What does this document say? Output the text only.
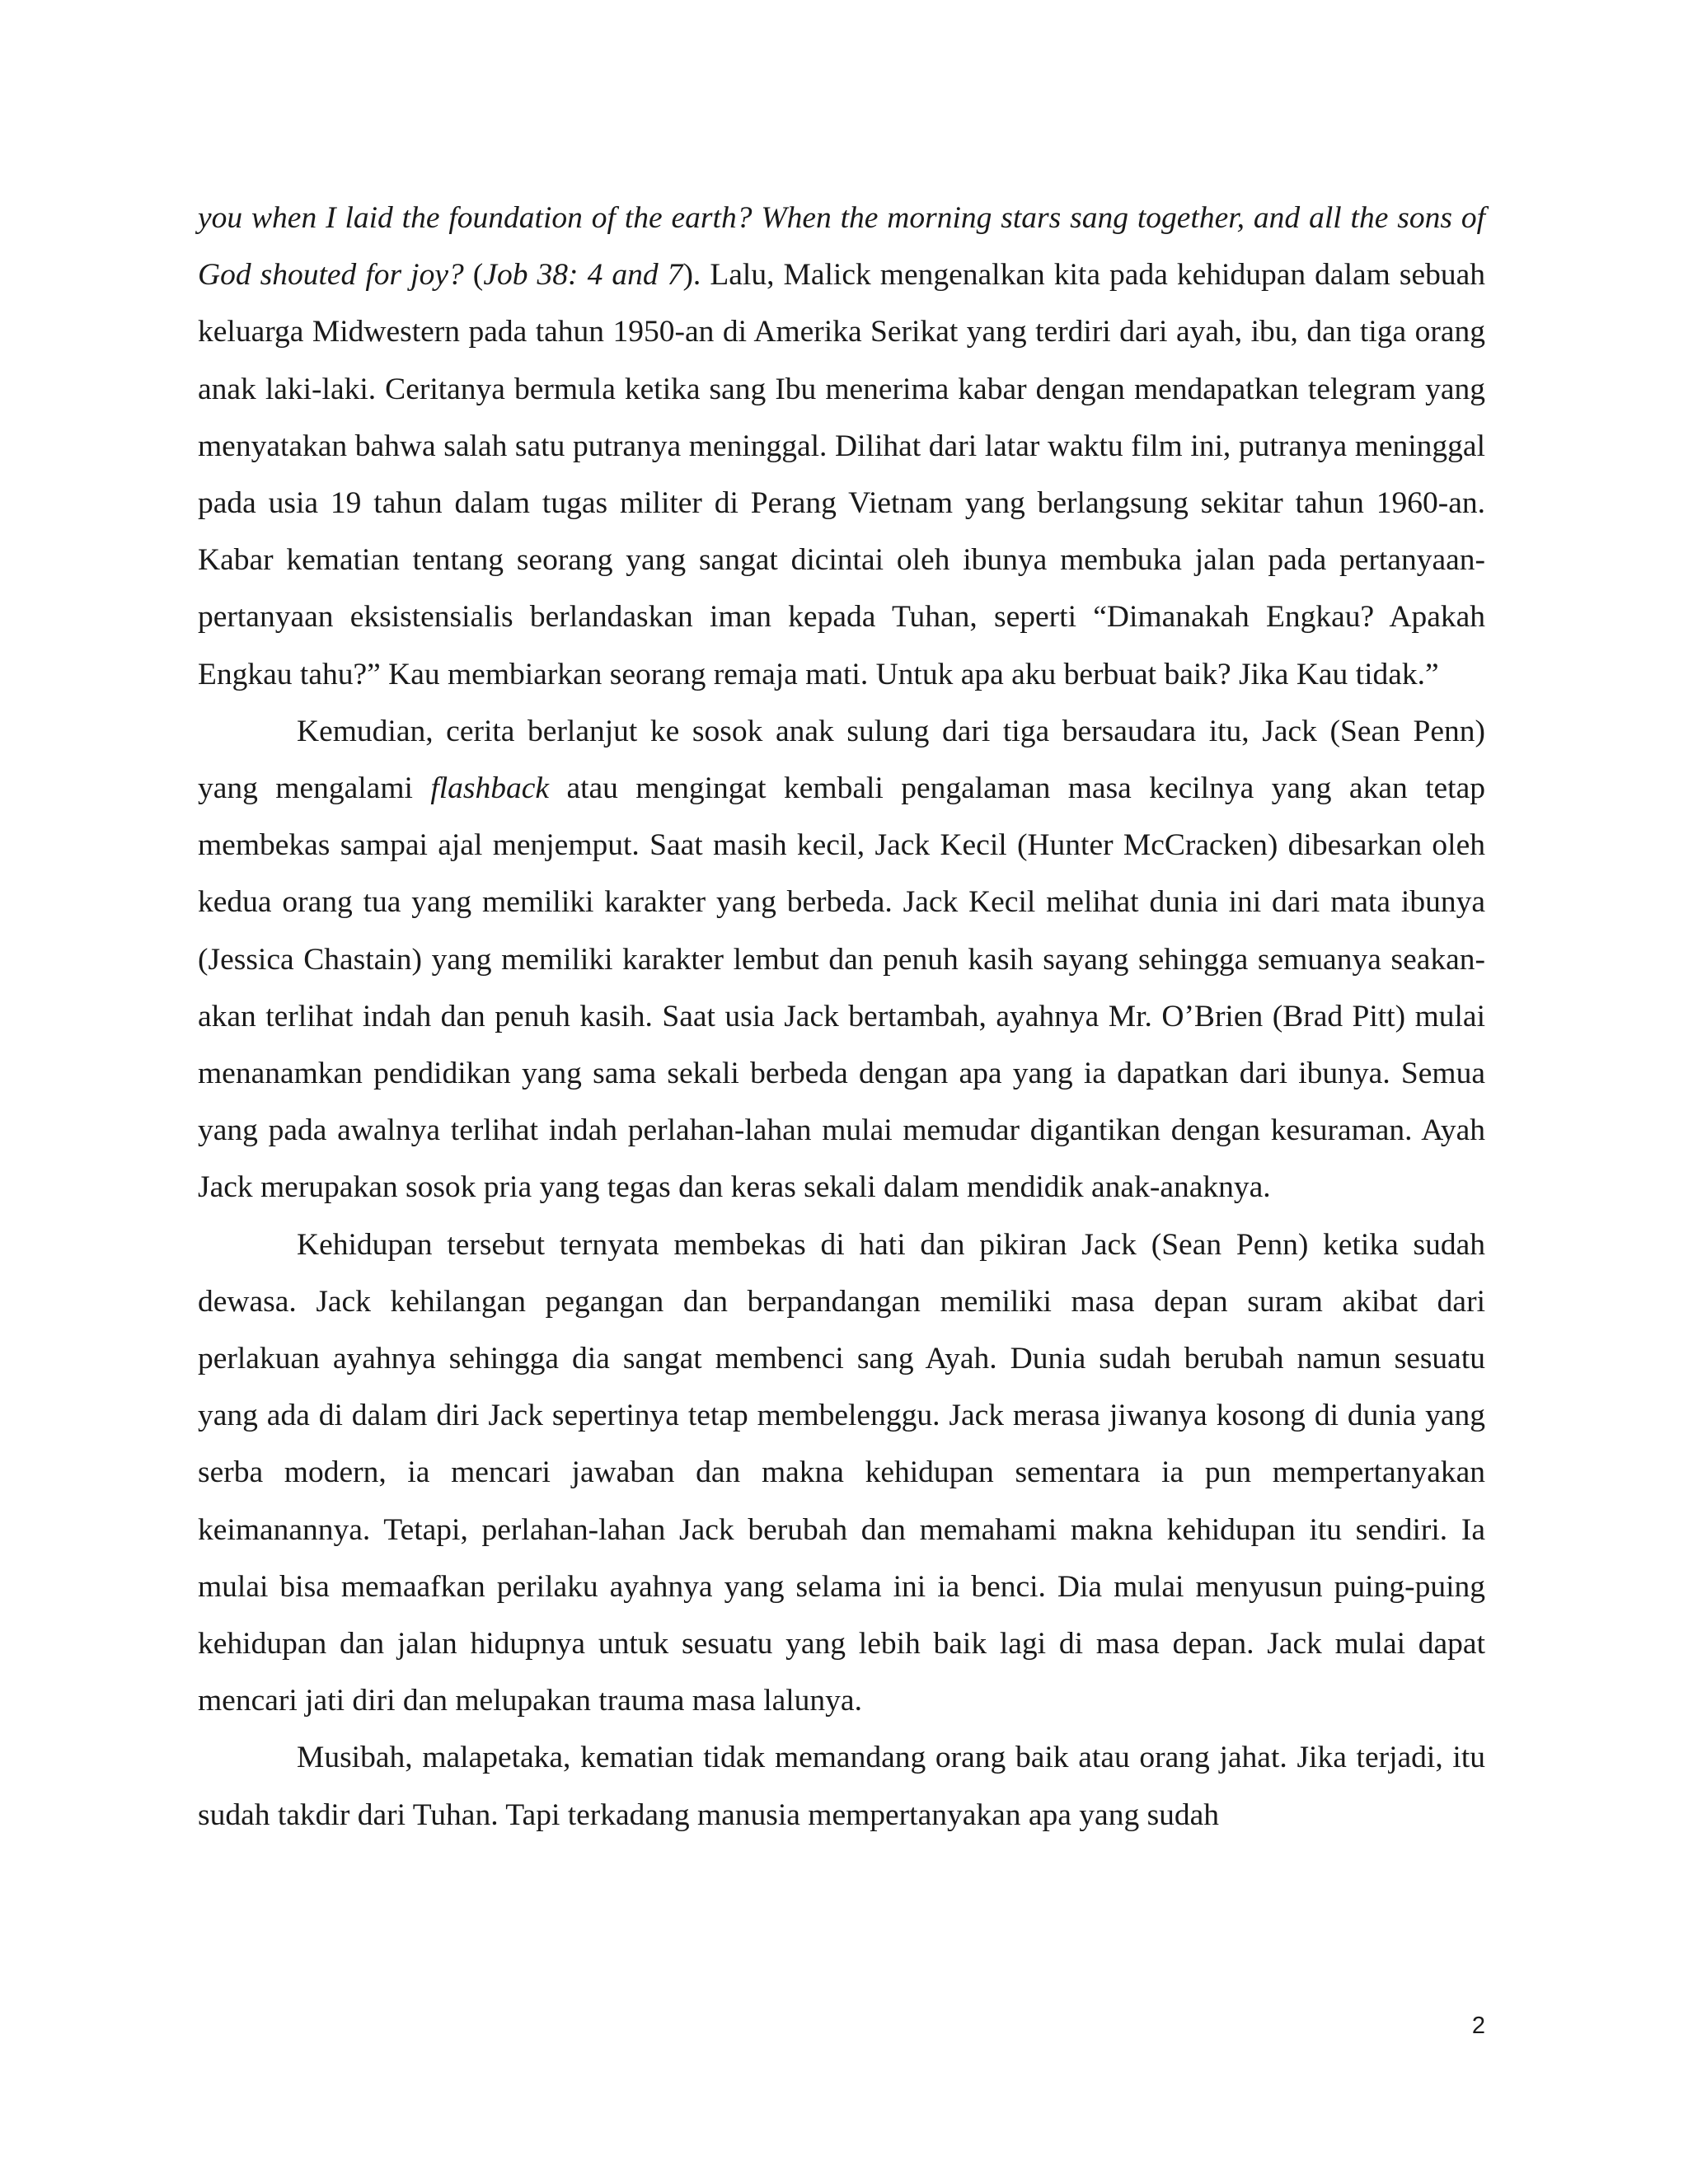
you when I laid the foundation of the earth? When the morning stars sang together, and all the sons of God shouted for joy? (Job 38: 4 and 7). Lalu, Malick mengenalkan kita pada kehidupan dalam sebuah keluarga Midwestern pada tahun 1950-an di Amerika Serikat yang terdiri dari ayah, ibu, dan tiga orang anak laki-laki. Ceritanya bermula ketika sang Ibu menerima kabar dengan mendapatkan telegram yang menyatakan bahwa salah satu putranya meninggal. Dilihat dari latar waktu film ini, putranya meninggal pada usia 19 tahun dalam tugas militer di Perang Vietnam yang berlangsung sekitar tahun 1960-an. Kabar kematian tentang seorang yang sangat dicintai oleh ibunya membuka jalan pada pertanyaan-pertanyaan eksistensialis berlandaskan iman kepada Tuhan, seperti “Dimanakah Engkau? Apakah Engkau tahu?” Kau membiarkan seorang remaja mati. Untuk apa aku berbuat baik? Jika Kau tidak.”

Kemudian, cerita berlanjut ke sosok anak sulung dari tiga bersaudara itu, Jack (Sean Penn) yang mengalami flashback atau mengingat kembali pengalaman masa kecilnya yang akan tetap membekas sampai ajal menjemput. Saat masih kecil, Jack Kecil (Hunter McCracken) dibesarkan oleh kedua orang tua yang memiliki karakter yang berbeda. Jack Kecil melihat dunia ini dari mata ibunya (Jessica Chastain) yang memiliki karakter lembut dan penuh kasih sayang sehingga semuanya seakan-akan terlihat indah dan penuh kasih. Saat usia Jack bertambah, ayahnya Mr. O’Brien (Brad Pitt) mulai menanamkan pendidikan yang sama sekali berbeda dengan apa yang ia dapatkan dari ibunya. Semua yang pada awalnya terlihat indah perlahan-lahan mulai memudar digantikan dengan kesuraman. Ayah Jack merupakan sosok pria yang tegas dan keras sekali dalam mendidik anak-anaknya.

Kehidupan tersebut ternyata membekas di hati dan pikiran Jack (Sean Penn) ketika sudah dewasa. Jack kehilangan pegangan dan berpandangan memiliki masa depan suram akibat dari perlakuan ayahnya sehingga dia sangat membenci sang Ayah. Dunia sudah berubah namun sesuatu yang ada di dalam diri Jack sepertinya tetap membelenggu. Jack merasa jiwanya kosong di dunia yang serba modern, ia mencari jawaban dan makna kehidupan sementara ia pun mempertanyakan keimanannya. Tetapi, perlahan-lahan Jack berubah dan memahami makna kehidupan itu sendiri. Ia mulai bisa memaafkan perilaku ayahnya yang selama ini ia benci. Dia mulai menyusun puing-puing kehidupan dan jalan hidupnya untuk sesuatu yang lebih baik lagi di masa depan. Jack mulai dapat mencari jati diri dan melupakan trauma masa lalunya.

Musibah, malapetaka, kematian tidak memandang orang baik atau orang jahat. Jika terjadi, itu sudah takdir dari Tuhan. Tapi terkadang manusia mempertanyakan apa yang sudah

2
